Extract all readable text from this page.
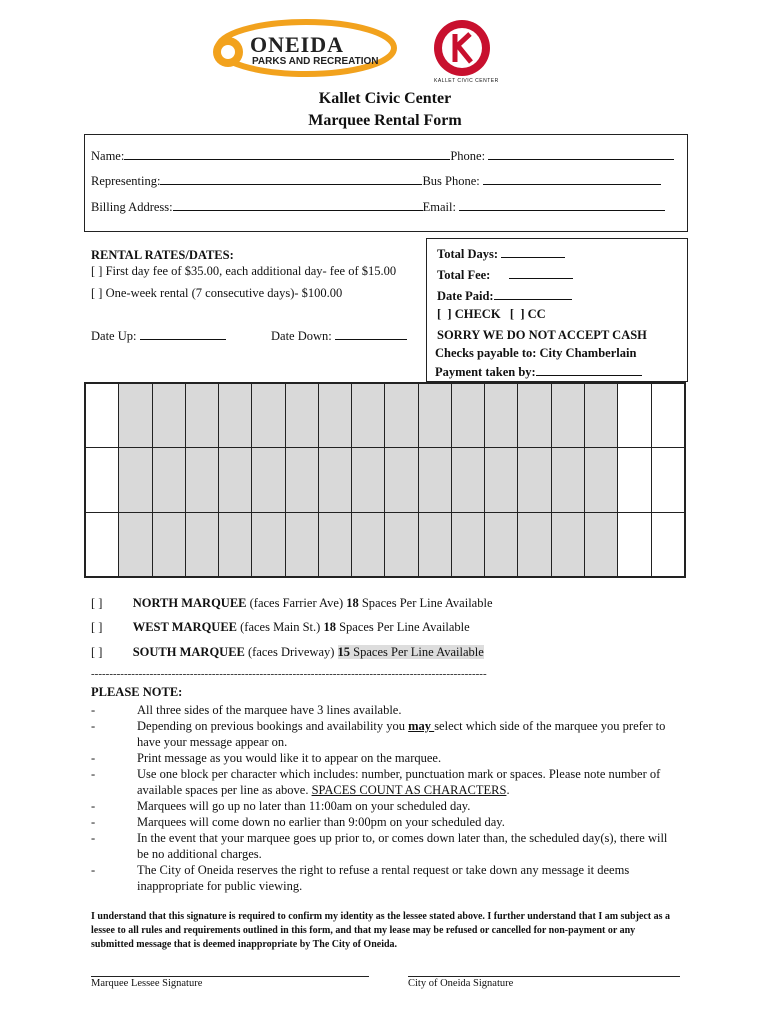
ONEIDA
PARKS AND RECREATION
KALLET CIVIC CENTER
Kallet Civic Center
Marquee Rental Form
Name:	Phone:
Representing:	Bus Phone:
Billing Address:	Email:
RENTAL RATES/DATES:
[ ] First day fee of $35.00, each additional day- fee of $15.00
[ ] One-week rental (7 consecutive days)- $100.00
Date Up:	Date Down:
Total Days:
Total Fee:
Date Paid:
[  ] CHECK   [  ] CC
SORRY WE DO NOT ACCEPT CASH
Checks payable to: City Chamberlain
Payment taken by:

[ ] NORTH MARQUEE (faces Farrier Ave) 18 Spaces Per Line Available
[ ] WEST MARQUEE (faces Main St.) 18 Spaces Per Line Available
[ ] SOUTH MARQUEE (faces Driveway) 15 Spaces Per Line Available
------------------------------------------------------------------------------------------------------------
PLEASE NOTE:
-	All three sides of the marquee have 3 lines available.
-	Depending on previous bookings and availability you may select which side of the marquee you prefer to have your message appear on.
-	Print message as you would like it to appear on the marquee.
-	Use one block per character which includes: number, punctuation mark or spaces. Please note number of available spaces per line as above. SPACES COUNT AS CHARACTERS.
-	Marquees will go up no later than 11:00am on your scheduled day.
-	Marquees will come down no earlier than 9:00pm on your scheduled day.
-	In the event that your marquee goes up prior to, or comes down later than, the scheduled day(s), there will be no additional charges.
-	The City of Oneida reserves the right to refuse a rental request or take down any message it deems inappropriate for public viewing.
I understand that this signature is required to confirm my identity as the lessee stated above. I further understand that I am subject as a lessee to all rules and requirements outlined in this form, and that my lease may be refused or cancelled for non-payment or any submitted message that is deemed inappropriate by The City of Oneida.
Marquee Lessee Signature	City of Oneida Signature
